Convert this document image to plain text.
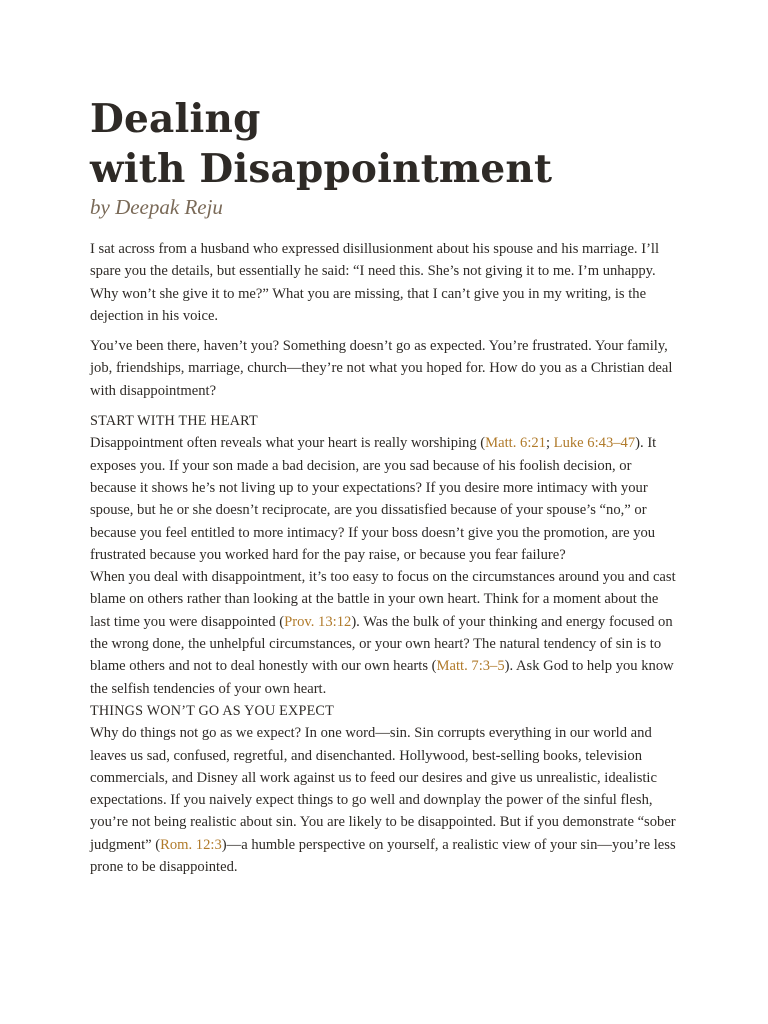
Dealing
with Disappointment

by Deepak Reju

I sat across from a husband who expressed disillusionment about his spouse and his marriage. I’ll spare you the details, but essentially he said: “I need this. She’s not giving it to me. I’m unhappy. Why won’t she give it to me?” What you are missing, that I can’t give you in my writing, is the dejection in his voice.

You’ve been there, haven’t you? Something doesn’t go as expected. You’re frustrated. Your family, job, friendships, marriage, church—they’re not what you hoped for. How do you as a Christian deal with disappointment?

START WITH THE HEART

Disappointment often reveals what your heart is really worshiping (Matt. 6:21; Luke 6:43–47). It exposes you. If your son made a bad decision, are you sad because of his foolish decision, or because it shows he’s not living up to your expectations? If you desire more intimacy with your spouse, but he or she doesn’t reciprocate, are you dissatisfied because of your spouse’s “no,” or because you feel entitled to more intimacy? If your boss doesn’t give you the promotion, are you frustrated because you worked hard for the pay raise, or because you fear failure?

When you deal with disappointment, it’s too easy to focus on the circumstances around you and cast blame on others rather than looking at the battle in your own heart. Think for a moment about the last time you were disappointed (Prov. 13:12). Was the bulk of your thinking and energy focused on the wrong done, the unhelpful circumstances, or your own heart? The natural tendency of sin is to blame others and not to deal honestly with our own hearts (Matt. 7:3–5). Ask God to help you know the selfish tendencies of your own heart.

THINGS WON’T GO AS YOU EXPECT

Why do things not go as we expect? In one word—sin. Sin corrupts everything in our world and leaves us sad, confused, regretful, and disenchanted. Hollywood, best-selling books, television commercials, and Disney all work against us to feed our desires and give us unrealistic, idealistic expectations. If you naively expect things to go well and downplay the power of the sinful flesh, you’re not being realistic about sin. You are likely to be disappointed. But if you demonstrate “sober judgment” (Rom. 12:3)—a humble perspective on yourself, a realistic view of your sin—you’re less prone to be disappointed.
